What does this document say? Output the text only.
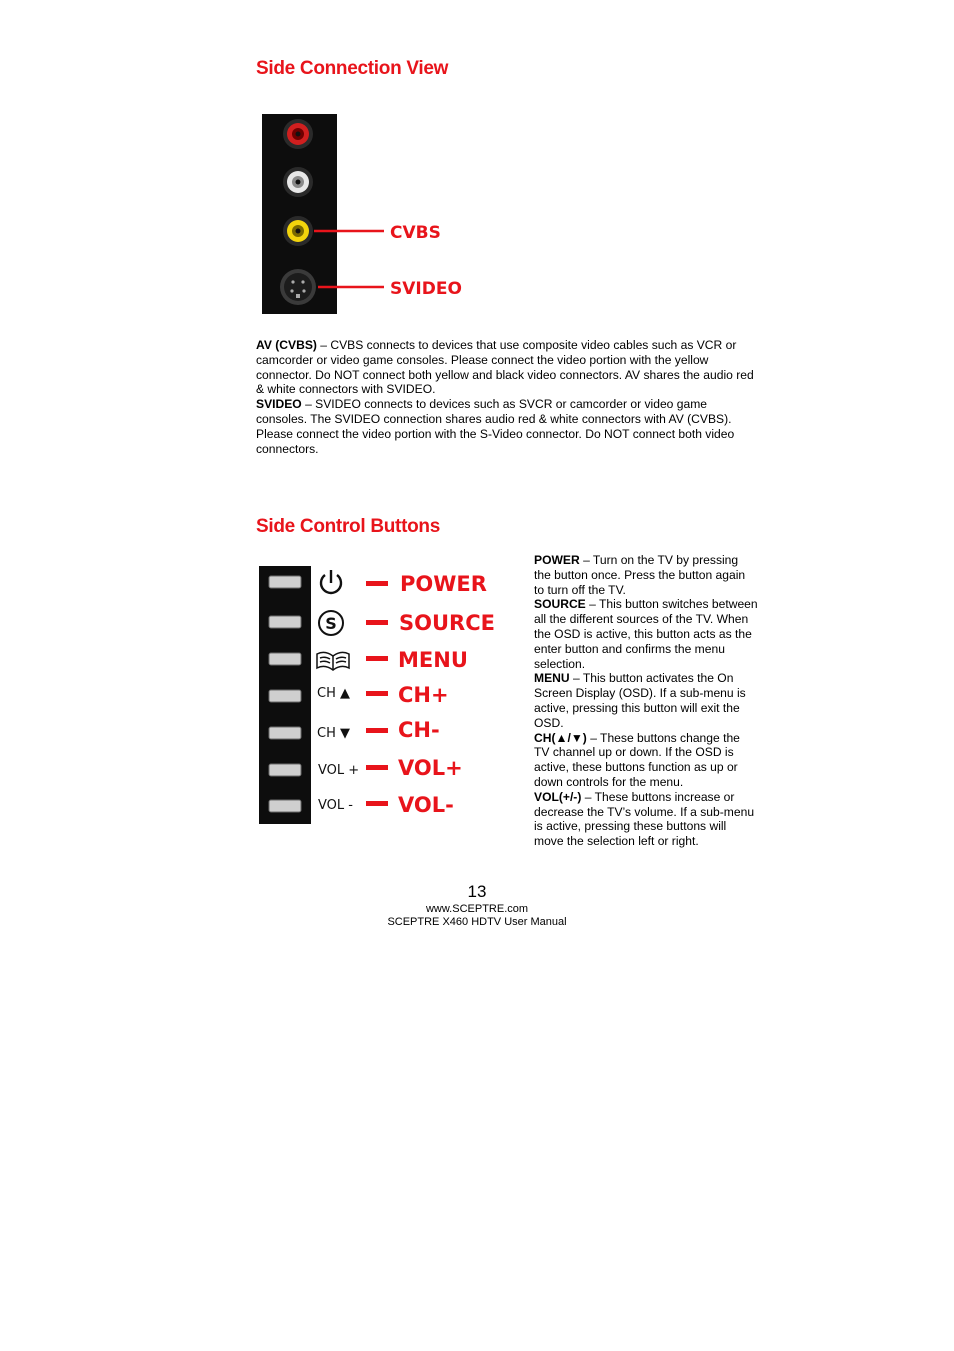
Side Connection View
CVBS
SVIDEO

AV (CVBS) – CVBS connects to devices that use composite video cables such as VCR or camcorder or video game consoles. Please connect the video portion with the yellow connector. Do NOT connect both yellow and black video connectors. AV shares the audio red & white connectors with SVIDEO.

SVIDEO – SVIDEO connects to devices such as SVCR or camcorder or video game consoles. The SVIDEO connection shares audio red & white connectors with AV (CVBS). Please connect the video portion with the S-Video connector. Do NOT connect both video connectors.

Side Control Buttons
S
CH ▲
CH ▼
VOL +
VOL -
POWER
SOURCE
MENU
CH+
CH-
VOL+
VOL-

POWER – Turn on the TV by pressing the button once. Press the button again to turn off the TV.

SOURCE – This button switches between all the different sources of the TV. When the OSD is active, this button acts as the enter button and confirms the menu selection.

MENU – This button activates the On Screen Display (OSD). If a sub-menu is active, pressing this button will exit the OSD.

CH(▲/▼) – These buttons change the TV channel up or down. If the OSD is active, these buttons function as up or down controls for the menu.

VOL(+/-) – These buttons increase or decrease the TV’s volume. If a sub-menu is active, pressing these buttons will move the selection left or right.

13
www.SCEPTRE.com
SCEPTRE X460 HDTV User Manual
